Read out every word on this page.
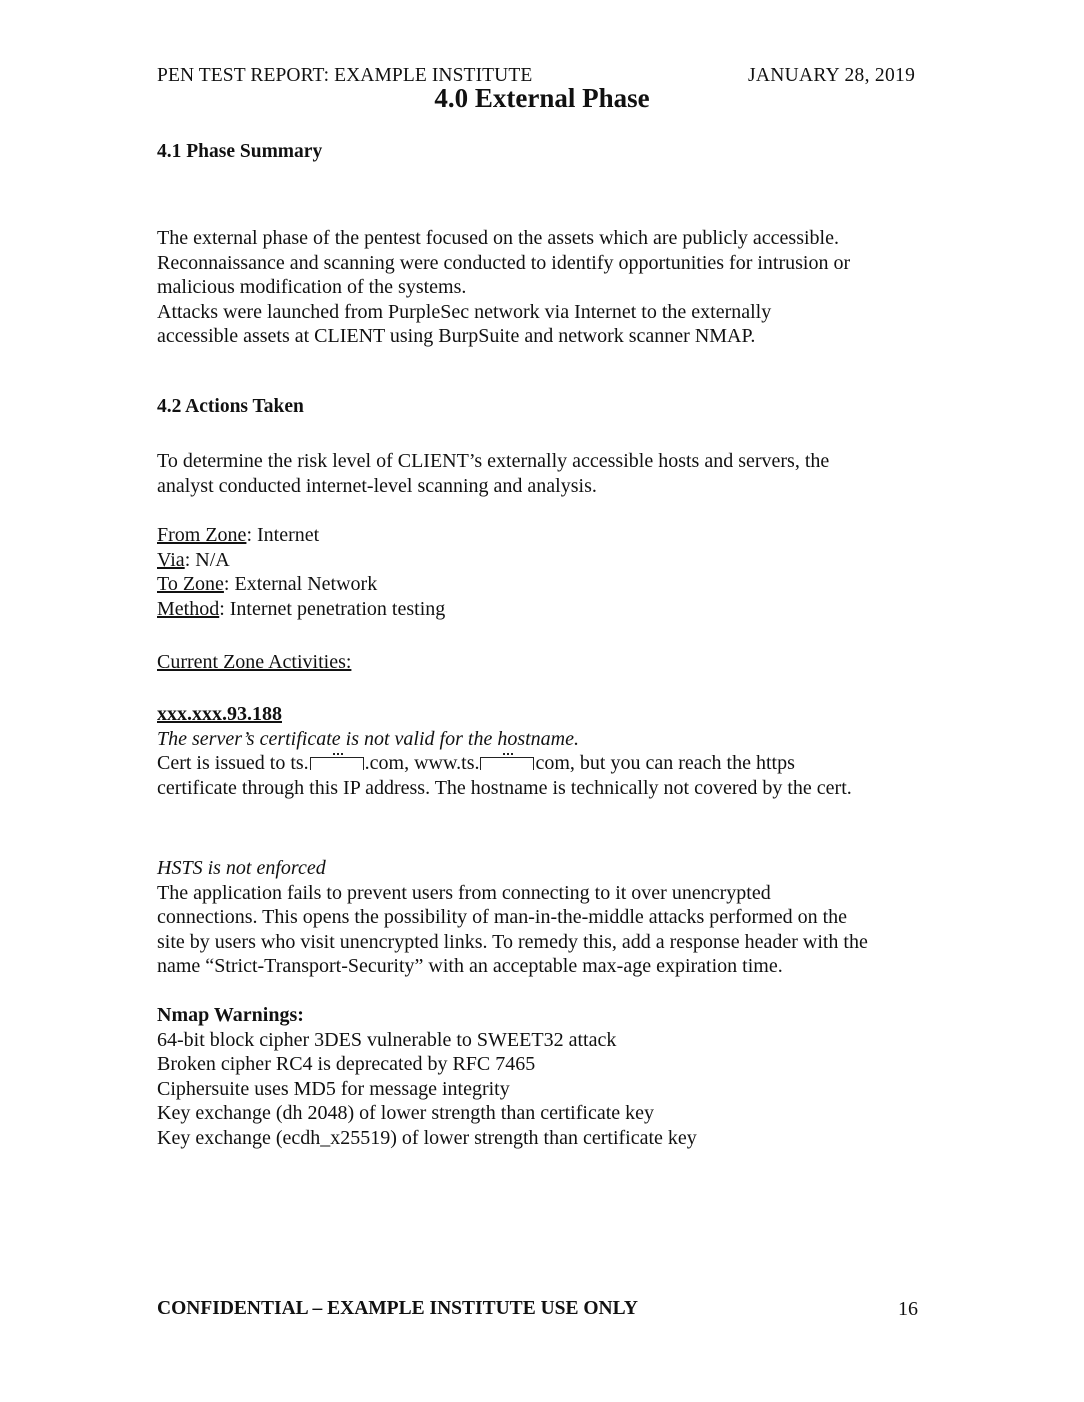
PEN TEST REPORT: EXAMPLE INSTITUTE	JANUARY 28, 2019
4.0 External Phase
4.1 Phase Summary
The external phase of the pentest focused on the assets which are publicly accessible.
Reconnaissance and scanning were conducted to identify opportunities for intrusion or
malicious modification of the systems.
Attacks were launched from PurpleSec network via Internet to the externally
accessible assets at CLIENT using BurpSuite and network scanner NMAP.
4.2 Actions Taken
To determine the risk level of CLIENT’s externally accessible hosts and servers, the
analyst conducted internet-level scanning and analysis.
From Zone: Internet
Via: N/A
To Zone: External Network
Method: Internet penetration testing
Current Zone Activities:
xxx.xxx.93.188
The server’s certificate is not valid for the hostname.
Cert is issued to ts.	.com, www.ts.	com, but you can reach the https
certificate through this IP address. The hostname is technically not covered by the cert.
HSTS is not enforced
The application fails to prevent users from connecting to it over unencrypted
connections. This opens the possibility of man-in-the-middle attacks performed on the
site by users who visit unencrypted links. To remedy this, add a response header with the
name “Strict-Transport-Security” with an acceptable max-age expiration time.
Nmap Warnings:
64-bit block cipher 3DES vulnerable to SWEET32 attack
Broken cipher RC4 is deprecated by RFC 7465
Ciphersuite uses MD5 for message integrity
Key exchange (dh 2048) of lower strength than certificate key
Key exchange (ecdh_x25519) of lower strength than certificate key
CONFIDENTIAL – EXAMPLE INSTITUTE USE ONLY	16
